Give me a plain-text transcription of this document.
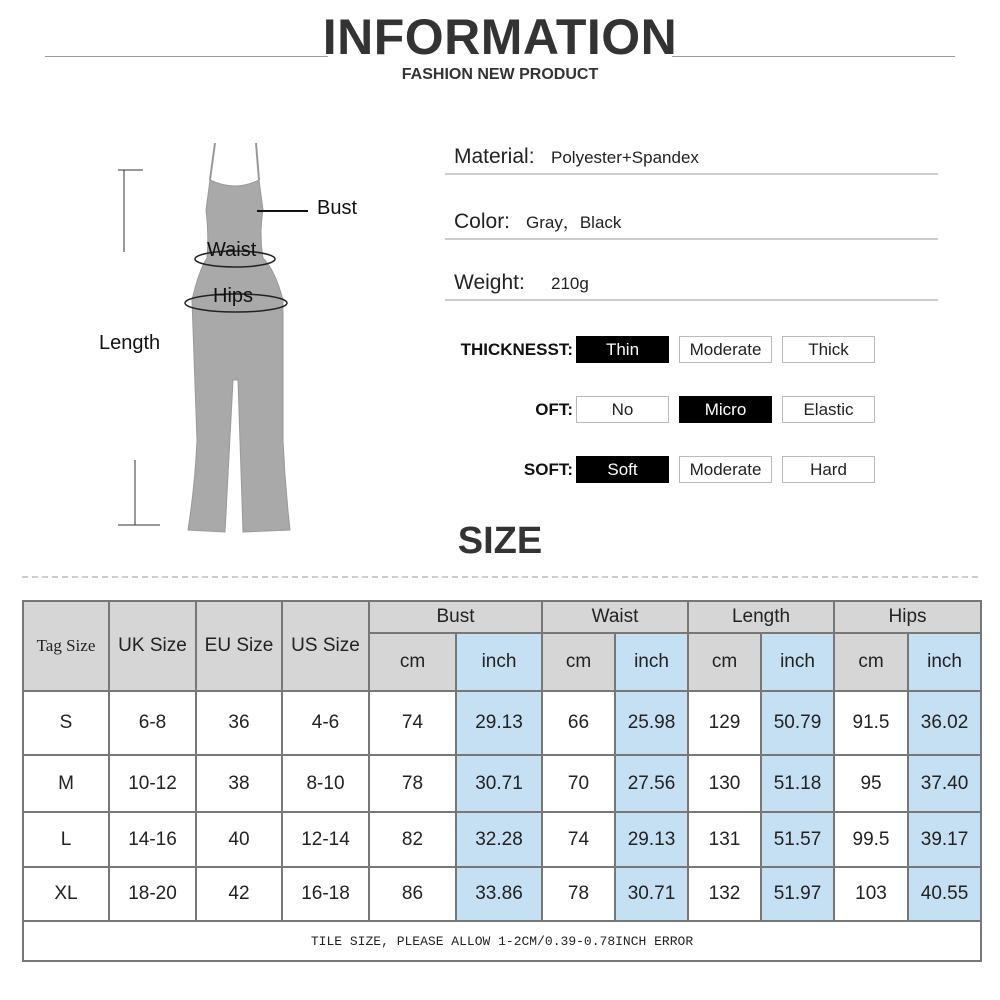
INFORMATION
FASHION NEW PRODUCT
Bust
Waist
Hips
Length
Material: Polyester+Spandex
Color: Gray，Black
Weight: 210g
THICKNESST:	Thin	Moderate	Thick
OFT:	No	Micro	Elastic
SOFT:	Soft	Moderate	Hard
SIZE
Tag Size	UK Size	EU Size	US Size	Bust		Waist		Length		Hips	
				cm	inch	cm	inch	cm	inch	cm	inch
S	6-8	36	4-6	74	29.13	66	25.98	129	50.79	91.5	36.02
M	10-12	38	8-10	78	30.71	70	27.56	130	51.18	95	37.40
L	14-16	40	12-14	82	32.28	74	29.13	131	51.57	99.5	39.17
XL	18-20	42	16-18	86	33.86	78	30.71	132	51.97	103	40.55
TILE SIZE, PLEASE ALLOW 1-2CM/0.39-0.78INCH ERROR											
